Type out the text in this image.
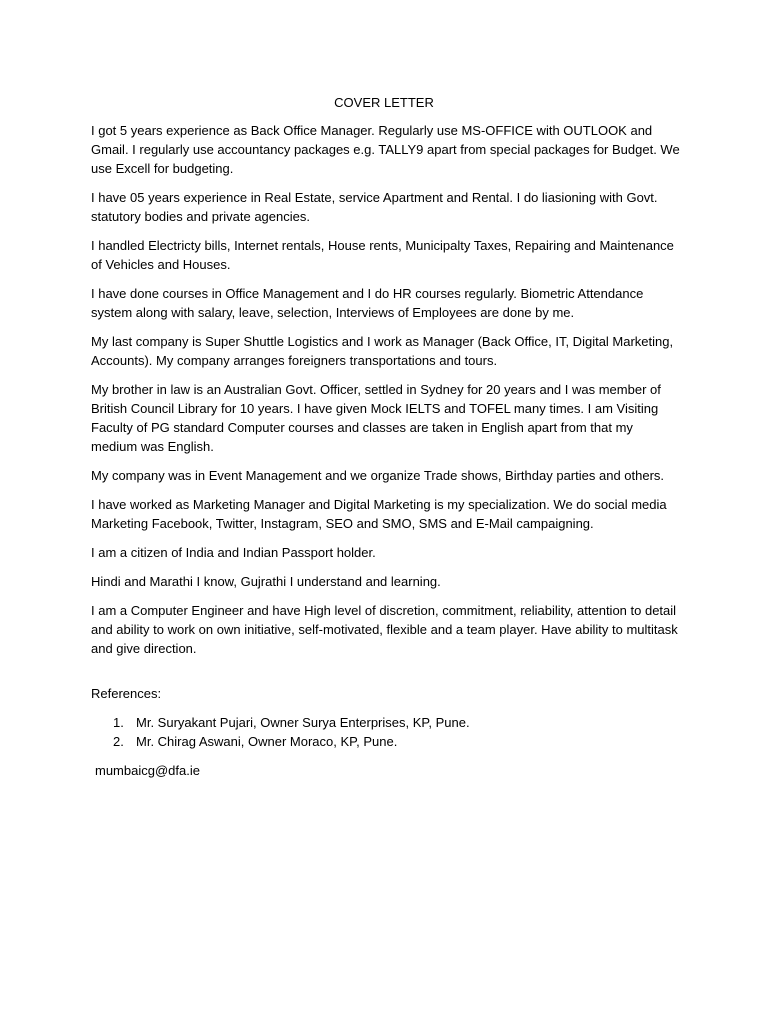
COVER LETTER

I got 5 years experience as Back Office Manager. Regularly use MS-OFFICE with OUTLOOK and Gmail. I regularly use accountancy packages e.g. TALLY9 apart from special packages for Budget. We use Excell for budgeting.

I have 05 years experience in Real Estate, service Apartment and Rental. I do liasioning with Govt. statutory bodies and private agencies.

I handled Electricty bills, Internet rentals, House rents, Municipalty Taxes, Repairing and Maintenance of Vehicles and Houses.

I have done courses in Office Management and I do HR courses regularly. Biometric Attendance system along with salary, leave, selection, Interviews of Employees are done by me.

My last company is Super Shuttle Logistics and I work as Manager (Back Office, IT, Digital Marketing, Accounts). My company arranges foreigners transportations and tours.

My brother in law is an Australian Govt. Officer, settled in Sydney for 20 years and I was member of British Council Library for 10 years. I have given Mock IELTS and TOFEL many times. I am Visiting Faculty of PG standard Computer courses and classes are taken in English apart from that my medium was English.

My company was in Event Management and we organize Trade shows, Birthday parties and others.

I have worked as Marketing Manager and Digital Marketing is my specialization. We do social media Marketing Facebook, Twitter, Instagram, SEO and SMO, SMS and E-Mail campaigning.

I am a citizen of India and Indian Passport holder.

Hindi and Marathi I know, Gujrathi I understand and learning.

I am a Computer Engineer and have High level of discretion, commitment, reliability, attention to detail and ability to work on own initiative, self-motivated, flexible and a team player. Have ability to multitask and give direction.

References:

1. Mr. Suryakant Pujari, Owner Surya Enterprises, KP, Pune.
2. Mr. Chirag Aswani, Owner Moraco, KP, Pune.
mumbaicg@dfa.ie
